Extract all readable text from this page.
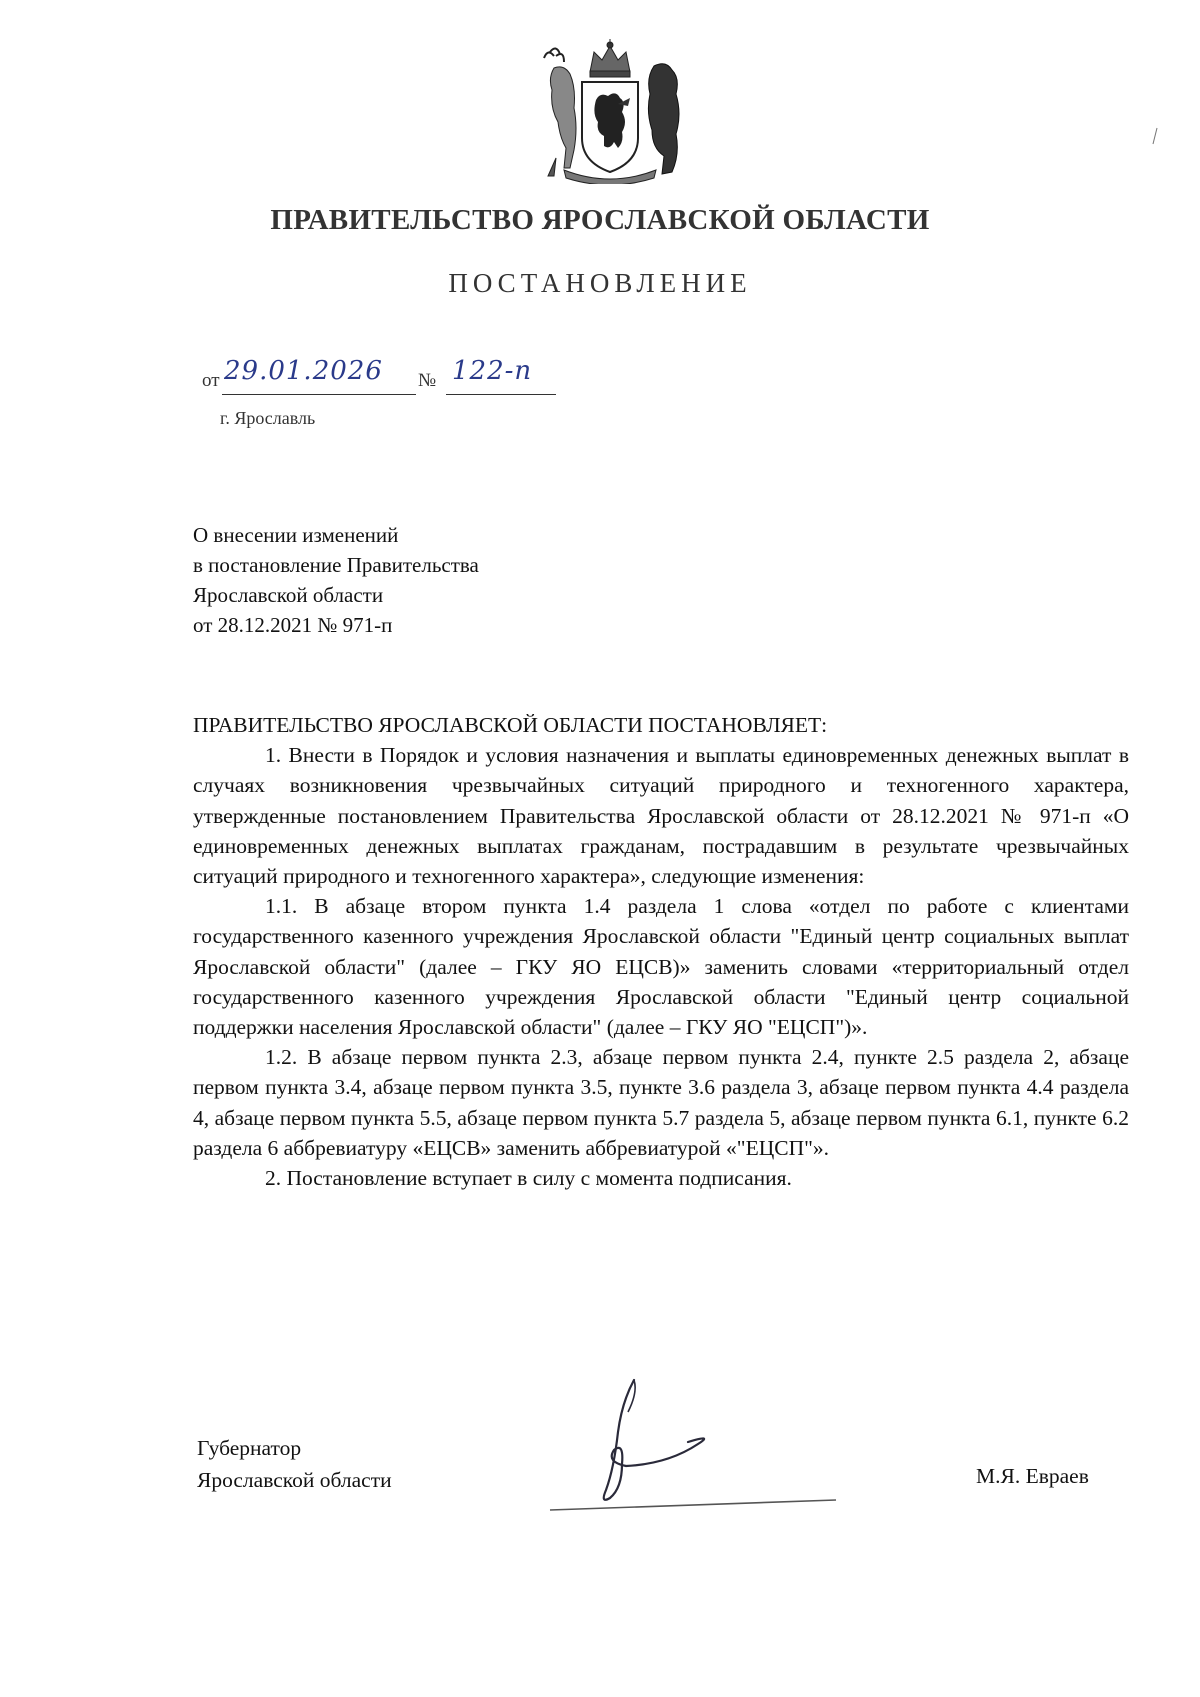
ПРАВИТЕЛЬСТВО ЯРОСЛАВСКОЙ ОБЛАСТИ
ПОСТАНОВЛЕНИЕ
от 29.01.2026 № 122-п
г. Ярославль
О внесении изменений
в постановление Правительства
Ярославской области
от 28.12.2021 № 971-п

ПРАВИТЕЛЬСТВО ЯРОСЛАВСКОЙ ОБЛАСТИ ПОСТАНОВЛЯЕТ:

1. Внести в Порядок и условия назначения и выплаты единовременных денежных выплат в случаях возникновения чрезвычайных ситуаций природного и техногенного характера, утвержденные постановлением Правительства Ярославской области от 28.12.2021 № 971-п «О единовременных денежных выплатах гражданам, пострадавшим в результате чрезвычайных ситуаций природного и техногенного характера», следующие изменения:

1.1. В абзаце втором пункта 1.4 раздела 1 слова «отдел по работе с клиентами государственного казенного учреждения Ярославской области "Единый центр социальных выплат Ярославской области" (далее – ГКУ ЯО ЕЦСВ)» заменить словами «территориальный отдел государственного казенного учреждения Ярославской области "Единый центр социальной поддержки населения Ярославской области" (далее – ГКУ ЯО "ЕЦСП")».

1.2. В абзаце первом пункта 2.3, абзаце первом пункта 2.4, пункте 2.5 раздела 2, абзаце первом пункта 3.4, абзаце первом пункта 3.5, пункте 3.6 раздела 3, абзаце первом пункта 4.4 раздела 4, абзаце первом пункта 5.5, абзаце первом пункта 5.7 раздела 5, абзаце первом пункта 6.1, пункте 6.2 раздела 6 аббревиатуру «ЕЦСВ» заменить аббревиатурой «"ЕЦСП"».

2. Постановление вступает в силу с момента подписания.

Губернатор
Ярославской области	М.Я. Евраев
